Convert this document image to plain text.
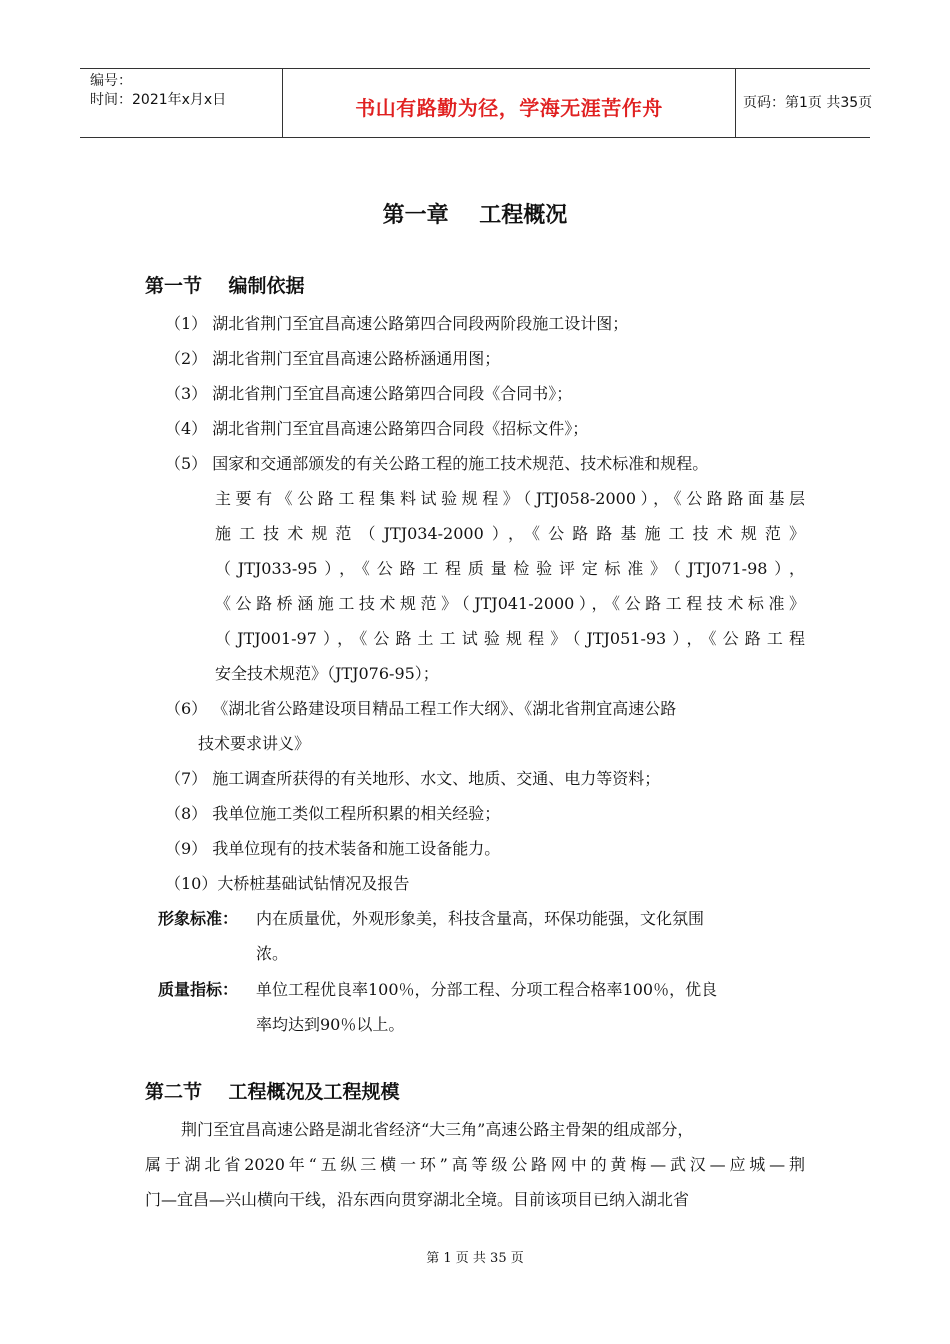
编号：
时间：2021年x月x日	书山有路勤为径，学海无涯苦作舟	页码：第1页 共35页
第一章    工程概况
第一节    编制依据
（1） 湖北省荆门至宜昌高速公路第四合同段两阶段施工设计图；
（2） 湖北省荆门至宜昌高速公路桥涵通用图；
（3） 湖北省荆门至宜昌高速公路第四合同段《合同书》；
（4） 湖北省荆门至宜昌高速公路第四合同段《招标文件》；
（5） 国家和交通部颁发的有关公路工程的施工技术规范、技术标准和规程。
主要有《公路工程集料试验规程》（JTJ058-2000），《公路路面基层
施工技术规范（JTJ034-2000），《公路路基施工技术规范》
（JTJ033-95），《公路工程质量检验评定标准》（JTJ071-98），
《公路桥涵施工技术规范》（JTJ041-2000），《公路工程技术标准》
（JTJ001-97），《公路土工试验规程》（JTJ051-93），《公路工程
安全技术规范》（JTJ076-95）；
（6） 《湖北省公路建设项目精品工程工作大纲》、《湖北省荆宜高速公路
技术要求讲义》
（7） 施工调查所获得的有关地形、水文、地质、交通、电力等资料；
（8） 我单位施工类似工程所积累的相关经验；
（9） 我单位现有的技术装备和施工设备能力。
（10）大桥桩基础试钻情况及报告
形象标准： 内在质量优，外观形象美，科技含量高，环保功能强，文化氛围
浓。
质量指标： 单位工程优良率100％，分部工程、分项工程合格率100％，优良
率均达到90％以上。
第二节    工程概况及工程规模
荆门至宜昌高速公路是湖北省经济“大三角”高速公路主骨架的组成部分，
属于湖北省2020年“五纵三横一环”高等级公路网中的黄梅—武汉—应城—荆
门—宜昌—兴山横向干线，沿东西向贯穿湖北全境。目前该项目已纳入湖北省
第 1 页 共 35 页
